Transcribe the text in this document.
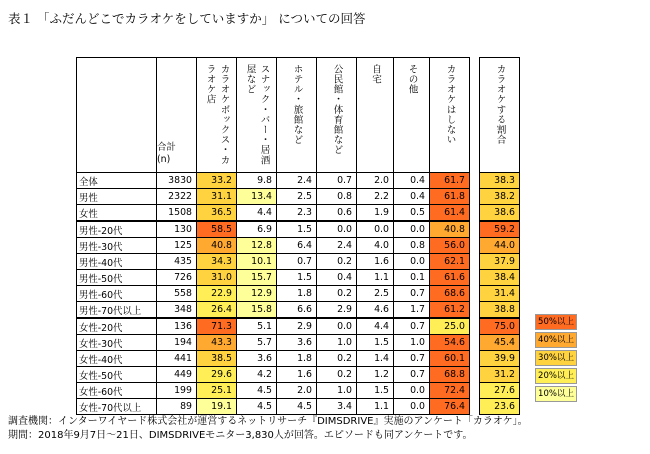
表１ 「ふだんどこでカラオケをしていますか」 についての回答

	合計
(n)	カラオケボックス・カラオケ店	スナック・バー・居酒屋など	ホテル・旅館など	公民館・体育館など	自宅	その他	カラオケはしない		カラオケする割合

全体	3830	33.2	9.8	2.4	0.7	2.0	0.4	61.7		38.3
男性	2322	31.1	13.4	2.5	0.8	2.2	0.4	61.8		38.2
女性	1508	36.5	4.4	2.3	0.6	1.9	0.5	61.4		38.6
男性-20代	130	58.5	6.9	1.5	0.0	0.0	0.0	40.8		59.2
男性-30代	125	40.8	12.8	6.4	2.4	4.0	0.8	56.0		44.0
男性-40代	435	34.3	10.1	0.7	0.2	1.6	0.0	62.1		37.9
男性-50代	726	31.0	15.7	1.5	0.4	1.1	0.1	61.6		38.4
男性-60代	558	22.9	12.9	1.8	0.2	2.5	0.7	68.6		31.4
男性-70代以上	348	26.4	15.8	6.6	2.9	4.6	1.7	61.2		38.8
女性-20代	136	71.3	5.1	2.9	0.0	4.4	0.7	25.0		75.0
女性-30代	194	43.3	5.7	3.6	1.0	1.5	1.0	54.6		45.4
女性-40代	441	38.5	3.6	1.8	0.2	1.4	0.7	60.1		39.9
女性-50代	449	29.6	4.2	1.6	0.2	1.2	0.7	68.8		31.2
女性-60代	199	25.1	4.5	2.0	1.0	1.5	0.0	72.4		27.6
女性-70代以上	89	19.1	4.5	4.5	3.4	1.1	0.0	76.4		23.6
50%以上
40%以上
30%以上
20%以上
10%以上
調査機関：インターワイヤード株式会社が運営するネットリサーチ『DIMSDRIVE』実施のアンケート「カラオケ」。
期間：2018年9月7日～21日、DIMSDRIVEモニター3,830人が回答。エピソードも同アンケートです。
